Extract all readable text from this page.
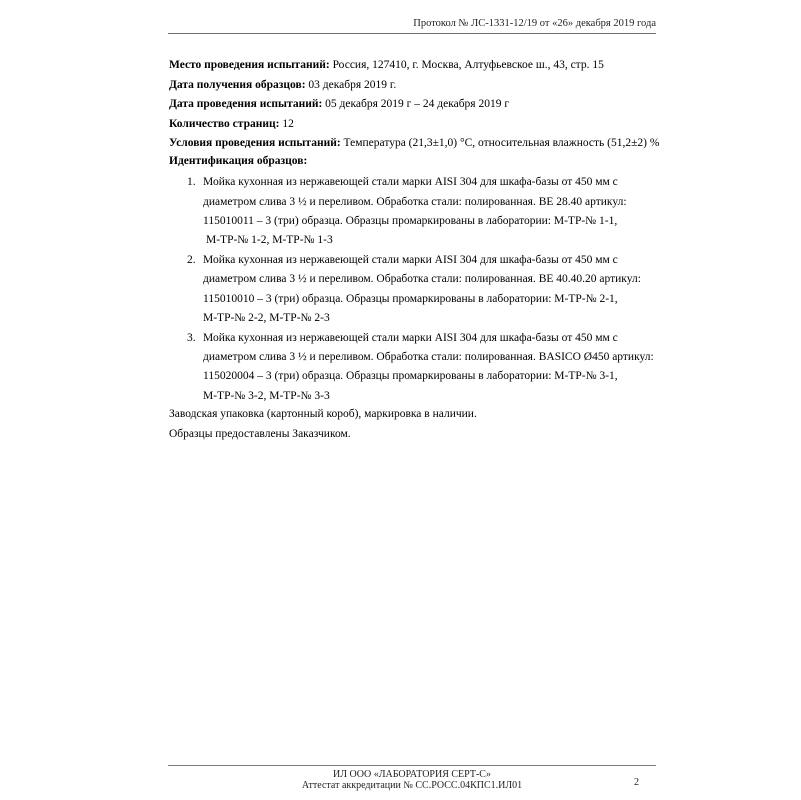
Протокол № ЛС-1331-12/19 от «26» декабря 2019 года
Место проведения испытаний: Россия, 127410, г. Москва, Алтуфьевское ш., 43, стр. 15
Дата получения образцов: 03 декабря 2019 г.
Дата проведения испытаний: 05 декабря 2019 г – 24 декабря 2019 г
Количество страниц: 12
Условия проведения испытаний: Температура (21,3±1,0) °С, относительная влажность (51,2±2) %
Идентификация образцов:
1. Мойка кухонная из нержавеющей стали марки AISI 304 для шкафа-базы от 450 мм с
диаметром слива 3 ½ и переливом. Обработка стали: полированная. BE 28.40 артикул:
115010011 – 3 (три) образца. Образцы промаркированы в лаборатории: М-ТР-№ 1-1,
М-ТР-№ 1-2, М-ТР-№ 1-3
2. Мойка кухонная из нержавеющей стали марки AISI 304 для шкафа-базы от 450 мм с
диаметром слива 3 ½ и переливом. Обработка стали: полированная. BE 40.40.20 артикул:
115010010 – 3 (три) образца. Образцы промаркированы в лаборатории: М-ТР-№ 2-1,
М-ТР-№ 2-2, М-ТР-№ 2-3
3. Мойка кухонная из нержавеющей стали марки AISI 304 для шкафа-базы от 450 мм с
диаметром слива 3 ½ и переливом. Обработка стали: полированная. BASICO Ø450 артикул:
115020004 – 3 (три) образца. Образцы промаркированы в лаборатории: М-ТР-№ 3-1,
М-ТР-№ 3-2, М-ТР-№ 3-3
Заводская упаковка (картонный короб), маркировка в наличии.
Образцы предоставлены Заказчиком.
ИЛ ООО «ЛАБОРАТОРИЯ СЕРТ-С»
Аттестат аккредитации № СС.РОСС.04КПС1.ИЛ01	2
